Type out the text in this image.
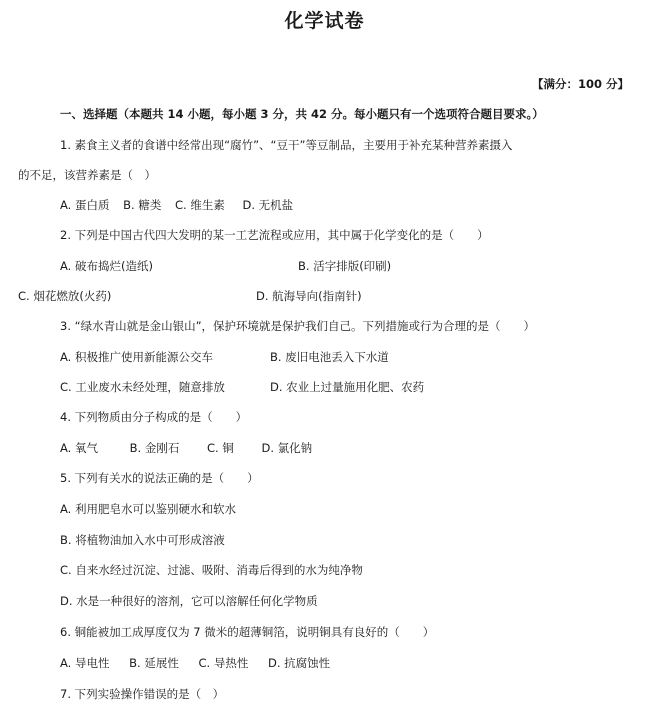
化学试卷
【满分：100 分】
一、选择题（本题共 14 小题，每小题 3 分，共 42 分。每小题只有一个选项符合题目要求。）
1. 素食主义者的食谱中经常出现“腐竹”、“豆干”等豆制品，主要用于补充某种营养素摄入
的不足，该营养素是（　）
A. 蛋白质 B. 糖类 C. 维生素 D. 无机盐
2. 下列是中国古代四大发明的某一工艺流程或应用，其中属于化学变化的是（　　）
A. 破布捣烂(造纸)	B. 活字排版(印刷)
C. 烟花燃放(火药)	D. 航海导向(指南针)
3. “绿水青山就是金山银山”，保护环境就是保护我们自己。下列措施或行为合理的是（　　）
A. 积极推广使用新能源公交车	B. 废旧电池丢入下水道
C. 工业废水未经处理，随意排放	D. 农业上过量施用化肥、农药
4. 下列物质由分子构成的是（　　）
A. 氧气	B. 金刚石 C. 铜 D. 氯化钠
5. 下列有关水的说法正确的是（　　）
A. 利用肥皂水可以鉴别硬水和软水
B. 将植物油加入水中可形成溶液
C. 自来水经过沉淀、过滤、吸附、消毒后得到的水为纯净物
D. 水是一种很好的溶剂，它可以溶解任何化学物质
6. 铜能被加工成厚度仅为 7 微米的超薄铜箔，说明铜具有良好的（　　）
A. 导电性 B. 延展性 C. 导热性 D. 抗腐蚀性
7. 下列实验操作错误的是（　）
